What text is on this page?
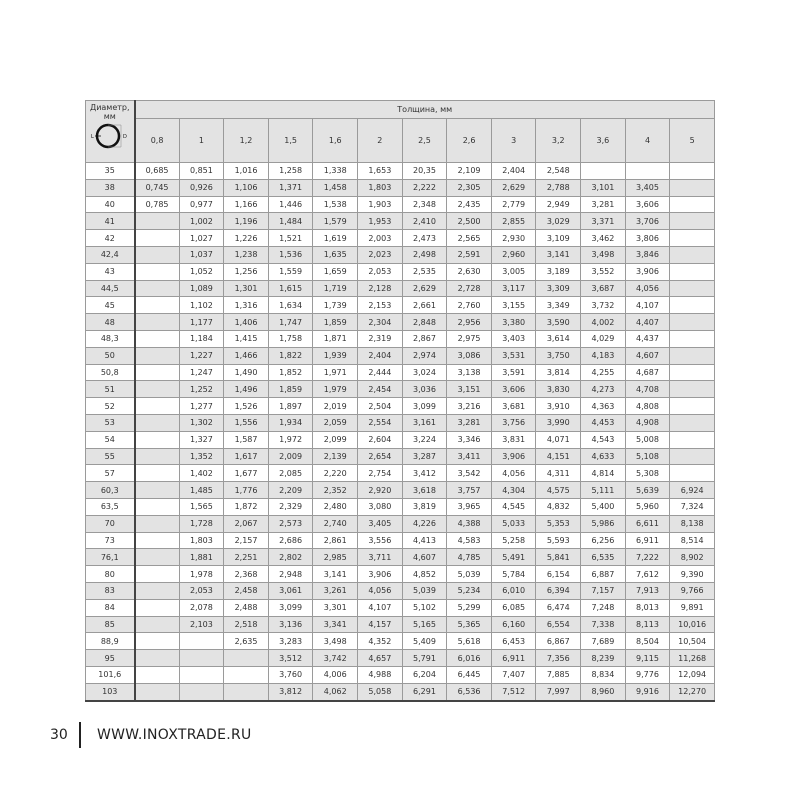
Диаметр, мм
L D	Толщина, мм												
	0,8	1	1,2	1,5	1,6	2	2,5	2,6	3	3,2	3,6	4	5
35	0,685	0,851	1,016	1,258	1,338	1,653	20,35	2,109	2,404	2,548			
38	0,745	0,926	1,106	1,371	1,458	1,803	2,222	2,305	2,629	2,788	3,101	3,405	
40	0,785	0,977	1,166	1,446	1,538	1,903	2,348	2,435	2,779	2,949	3,281	3,606	
41		1,002	1,196	1,484	1,579	1,953	2,410	2,500	2,855	3,029	3,371	3,706	
42		1,027	1,226	1,521	1,619	2,003	2,473	2,565	2,930	3,109	3,462	3,806	
42,4		1,037	1,238	1,536	1,635	2,023	2,498	2,591	2,960	3,141	3,498	3,846	
43		1,052	1,256	1,559	1,659	2,053	2,535	2,630	3,005	3,189	3,552	3,906	
44,5		1,089	1,301	1,615	1,719	2,128	2,629	2,728	3,117	3,309	3,687	4,056	
45		1,102	1,316	1,634	1,739	2,153	2,661	2,760	3,155	3,349	3,732	4,107	
48		1,177	1,406	1,747	1,859	2,304	2,848	2,956	3,380	3,590	4,002	4,407	
48,3		1,184	1,415	1,758	1,871	2,319	2,867	2,975	3,403	3,614	4,029	4,437	
50		1,227	1,466	1,822	1,939	2,404	2,974	3,086	3,531	3,750	4,183	4,607	
50,8		1,247	1,490	1,852	1,971	2,444	3,024	3,138	3,591	3,814	4,255	4,687	
51		1,252	1,496	1,859	1,979	2,454	3,036	3,151	3,606	3,830	4,273	4,708	
52		1,277	1,526	1,897	2,019	2,504	3,099	3,216	3,681	3,910	4,363	4,808	
53		1,302	1,556	1,934	2,059	2,554	3,161	3,281	3,756	3,990	4,453	4,908	
54		1,327	1,587	1,972	2,099	2,604	3,224	3,346	3,831	4,071	4,543	5,008	
55		1,352	1,617	2,009	2,139	2,654	3,287	3,411	3,906	4,151	4,633	5,108	
57		1,402	1,677	2,085	2,220	2,754	3,412	3,542	4,056	4,311	4,814	5,308	
60,3		1,485	1,776	2,209	2,352	2,920	3,618	3,757	4,304	4,575	5,111	5,639	6,924
63,5		1,565	1,872	2,329	2,480	3,080	3,819	3,965	4,545	4,832	5,400	5,960	7,324
70		1,728	2,067	2,573	2,740	3,405	4,226	4,388	5,033	5,353	5,986	6,611	8,138
73		1,803	2,157	2,686	2,861	3,556	4,413	4,583	5,258	5,593	6,256	6,911	8,514
76,1		1,881	2,251	2,802	2,985	3,711	4,607	4,785	5,491	5,841	6,535	7,222	8,902
80		1,978	2,368	2,948	3,141	3,906	4,852	5,039	5,784	6,154	6,887	7,612	9,390
83		2,053	2,458	3,061	3,261	4,056	5,039	5,234	6,010	6,394	7,157	7,913	9,766
84		2,078	2,488	3,099	3,301	4,107	5,102	5,299	6,085	6,474	7,248	8,013	9,891
85		2,103	2,518	3,136	3,341	4,157	5,165	5,365	6,160	6,554	7,338	8,113	10,016
88,9			2,635	3,283	3,498	4,352	5,409	5,618	6,453	6,867	7,689	8,504	10,504
95				3,512	3,742	4,657	5,791	6,016	6,911	7,356	8,239	9,115	11,268
101,6				3,760	4,006	4,988	6,204	6,445	7,407	7,885	8,834	9,776	12,094
103				3,812	4,062	5,058	6,291	6,536	7,512	7,997	8,960	9,916	12,270
30 WWW.INOXTRADE.RU
